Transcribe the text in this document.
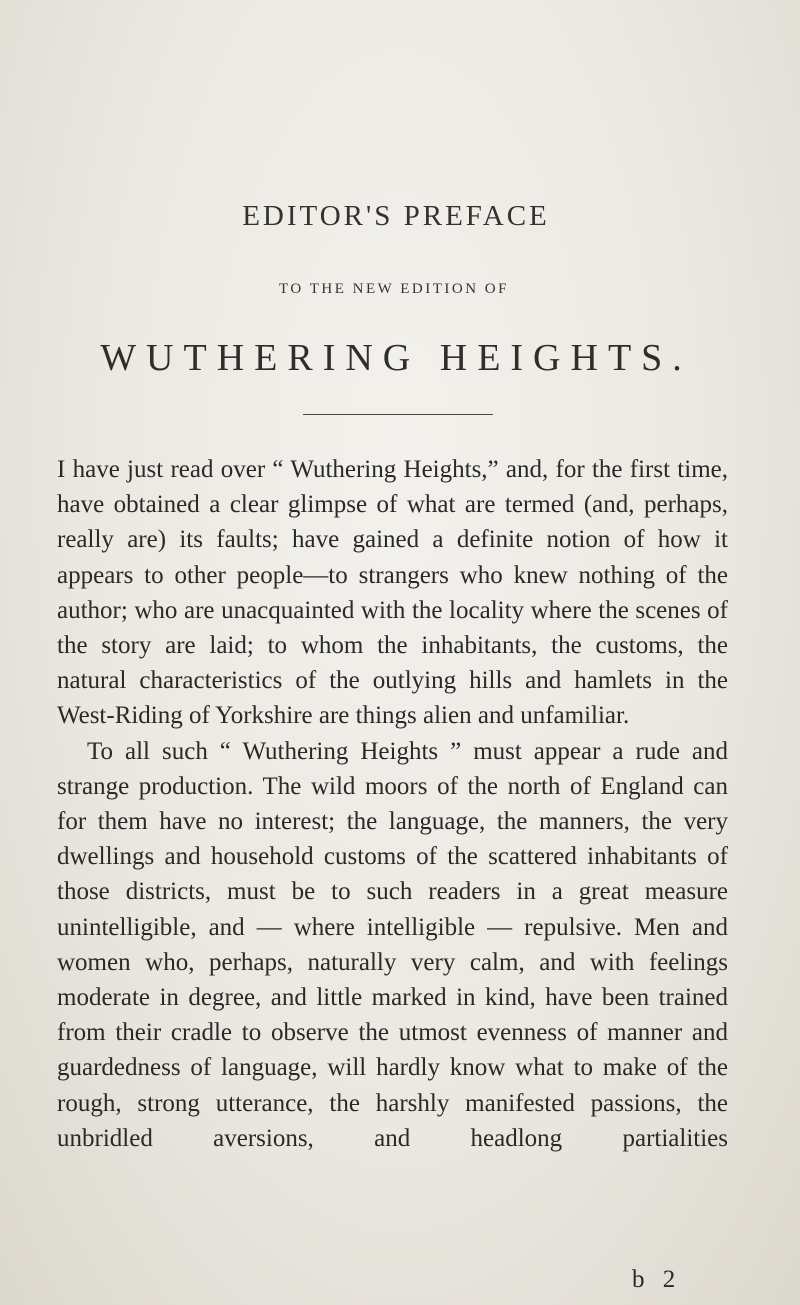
EDITOR'S PREFACE
TO THE NEW EDITION OF
WUTHERING HEIGHTS.

I have just read over “ Wuthering Heights,” and, for the first time, have obtained a clear glimpse of what are termed (and, perhaps, really are) its faults; have gained a definite notion of how it appears to other people—to strangers who knew nothing of the author; who are unacquainted with the locality where the scenes of the story are laid; to whom the inhabitants, the customs, the natural characteristics of the outlying hills and hamlets in the West-Riding of Yorkshire are things alien and unfamiliar.

To all such “ Wuthering Heights ” must appear a rude and strange production. The wild moors of the north of England can for them have no interest; the language, the manners, the very dwellings and household customs of the scattered inhabitants of those districts, must be to such readers in a great measure unintelligible, and — where intelligible — repulsive. Men and women who, perhaps, naturally very calm, and with feelings moderate in degree, and little marked in kind, have been trained from their cradle to observe the utmost evenness of manner and guardedness of language, will hardly know what to make of the rough, strong utterance, the harshly manifested passions, the unbridled aversions, and headlong partialities

b 2
